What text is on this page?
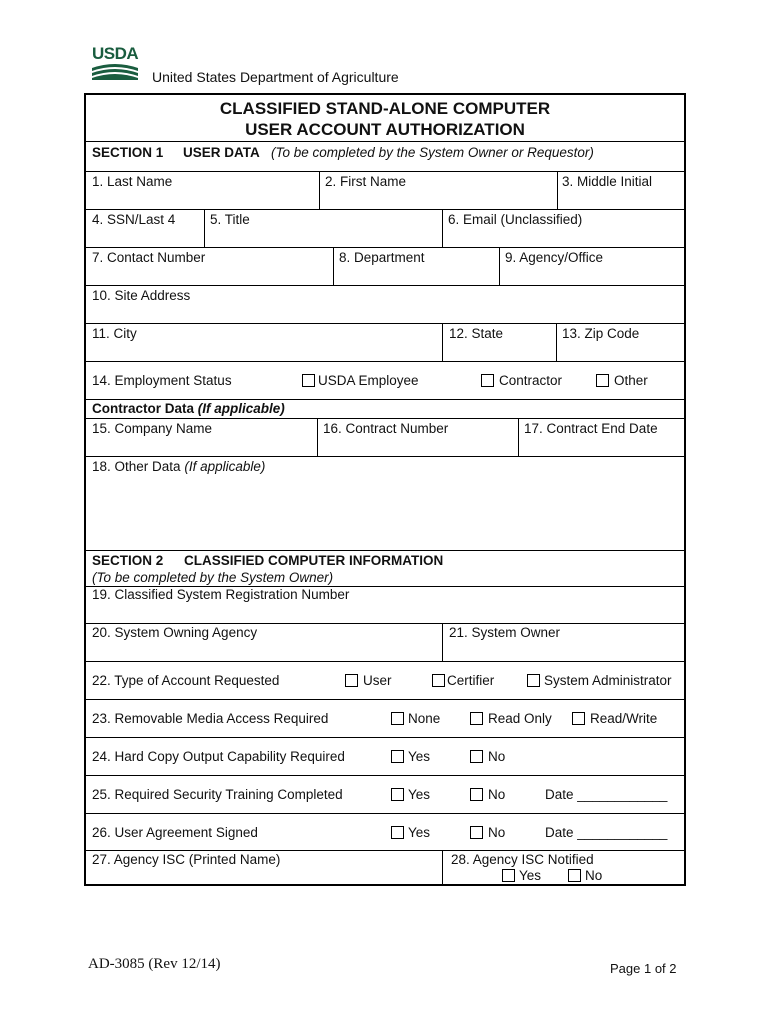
USDA
United States Department of Agriculture
CLASSIFIED STAND-ALONE COMPUTER
USER ACCOUNT AUTHORIZATION
SECTION 1 USER DATA (To be completed by the System Owner or Requestor)
1. Last Name	2. First Name	3. Middle Initial
4. SSN/Last 4	5. Title	6. Email (Unclassified)
7. Contact Number	8. Department	9. Agency/Office
10. Site Address
11. City	12. State	13. Zip Code
14. Employment Status	USDA Employee	Contractor	Other
Contractor Data (If applicable)
15. Company Name	16. Contract Number	17. Contract End Date
18. Other Data (If applicable)
SECTION 2 CLASSIFIED COMPUTER INFORMATION
(To be completed by the System Owner)
19. Classified System Registration Number
20. System Owning Agency	21. System Owner
22. Type of Account Requested	User	Certifier	System Administrator
23. Removable Media Access Required	None	Read Only	Read/Write
24. Hard Copy Output Capability Required	Yes	No
25. Required Security Training Completed	Yes	No	Date ____________
26. User Agreement Signed	Yes	No	Date ____________
27. Agency ISC (Printed Name)	28. Agency ISC Notified
Yes	No
AD-3085 (Rev 12/14)	Page 1 of 2
